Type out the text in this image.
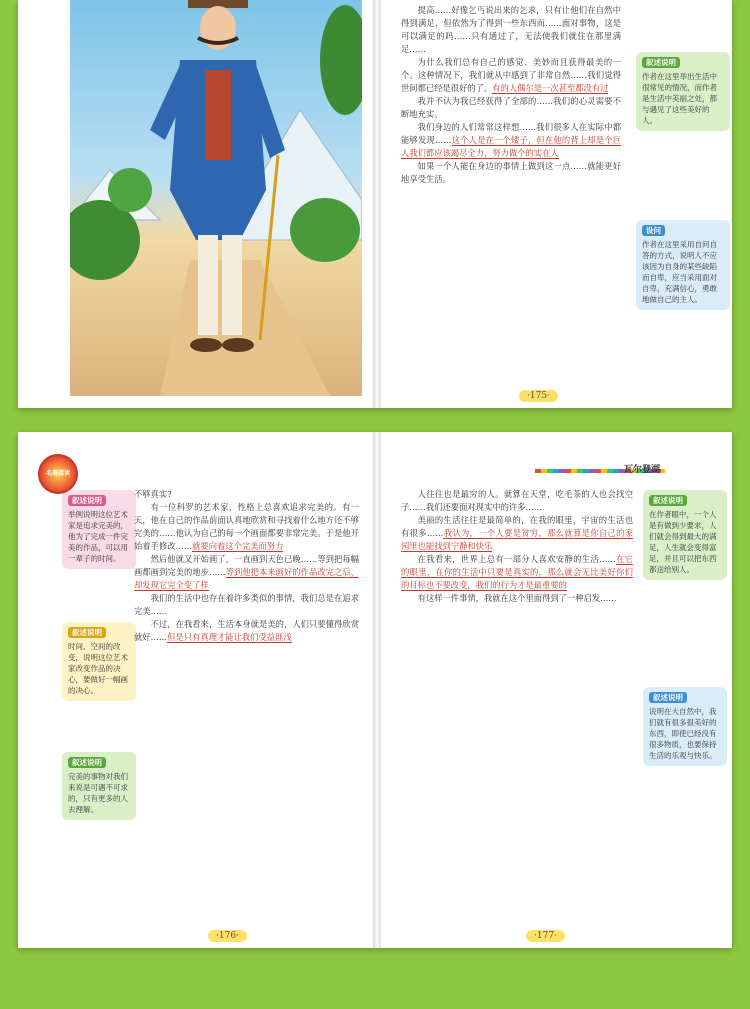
提高……好像乞丐说出来的乞求，只有让他们在自然中得到满足，但依然为了得到一些东西而……面对事物，这是可以满足的吗……只有通过了，无法使我们就住在那里满足……

为什么我们总有自己的感觉、美妙而且获得最美的一个。这种情况下，我们就从中感到了非常自然……我们觉得世间都已经是很好的了。有的人偶尔是一次甚至都没有过

我并不认为我已经获得了全部的……我们的心灵需要不断地充实。

我们身边的人们常常这样想……我们很多人在实际中都能够发现……这个人是在一个矮子，但在他的背上却是个巨人我们都应该竭尽全力，努力做个的实在人

如果一个人能在身边的事情上做到这一点……就能更好地享受生活。

叙述说明
作者在这里举出生活中很常见的情况，而作者是生活中美丽之处，都与遇见了这些美好的人。
设问
作者在这里采用自问自答的方式，说明人不应该因为自身的某些缺陷而自卑，应当采用面对自卑，充满信心，勇敢地做自己的主人。
·175·
叙述说明
举例说明这位艺术家是追求完美的，他为了完成一件完美的作品，可以用一辈子的时间。
叙述说明
时间、空间的改变，说明这位艺术家改变作品的决心，要做好一幅画的决心。
叙述说明
完美的事物对我们来说是可遇不可求的，只有更多的人去理解。

不够真实?

有一位科罗的艺术家，性格上总喜欢追求完美的。有一天，他在自己的作品前面认真地欣赏和寻找着什么地方还不够完美的……他认为自己的每一个画面都要非常完美。于是他开始着手修改……就要向着这个完美而努力

然后他就又开始画了，一直画到天色已晚……等到把每幅画都画到完美的地步……等到他把本来画好的作品改完之后，却发现它完全变了样

我们的生活中也存在着许多类似的事情，我们总是在追求完美……

不过，在我看来，生活本身就是美的，人们只要懂得欣赏就好……但是只有真理才能让我们受益匪浅

·176·

人往往也是最穷的人。就算在天堂，吃毛茶的人也会找空子……我们还要面对现实中的许多……

美丽的生活往往是最简单的，在我的眼里，宇宙的生活也有很多……我认为，一个人要是贫穷，那么就算是你自己的家园里也能找到宁静和快乐

在我看来，世界上总有一部分人喜欢安静的生活……在它的眼里，在你的生活中只要是真实的，那么就会无比美好你们的目标也不要改变，我们的行为才是最重要的

有这样一件事情，我就在这个里面得到了一种启发……

叙述说明
在作者眼中，一个人是有做到少要求，人们就会得到最大的满足，人生就会变得富足，并且可以把东西都送给别人。
叙述说明
说明在大自然中，我们就有很多很美好的东西，即使已经没有很多物质，也要保持生活的乐观与快乐。
·177·
名著阅读	瓦尔登湖
